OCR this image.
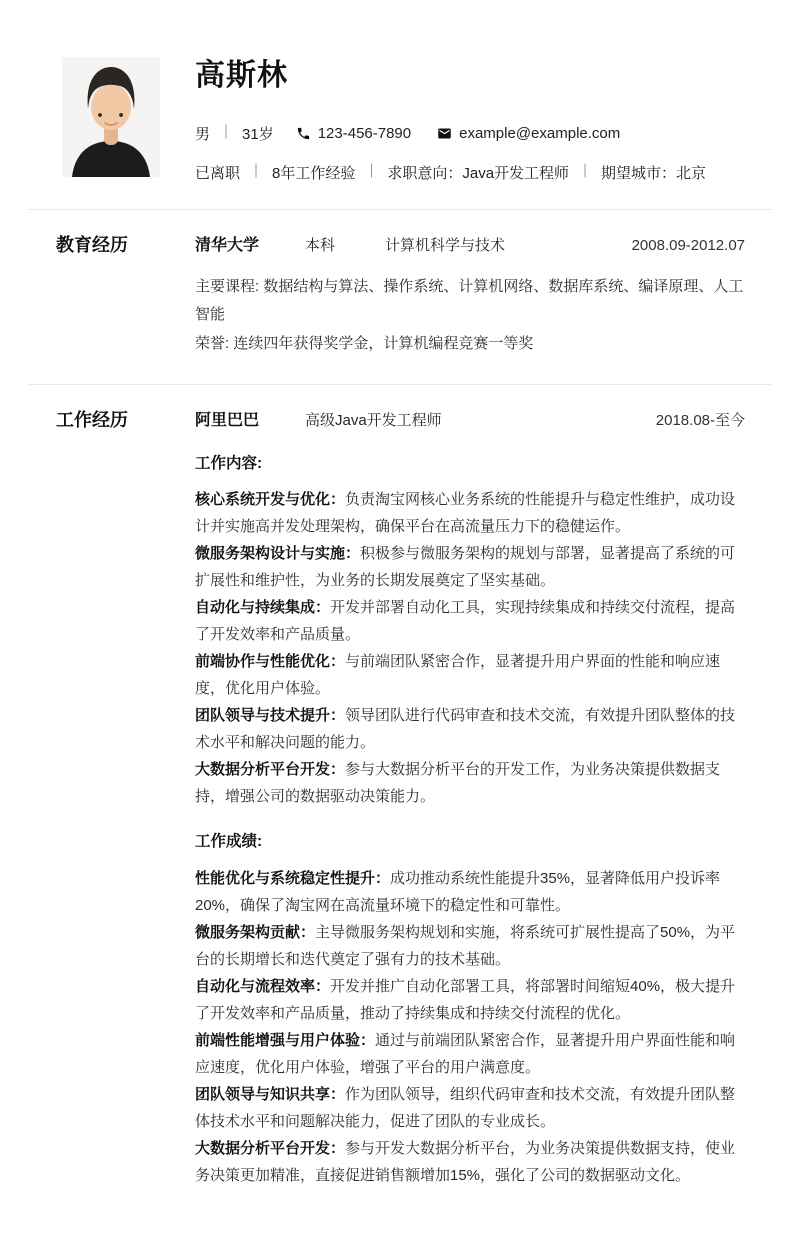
高斯林
男 ｜ 31岁	123-456-7890	example@example.com
已离职 ｜ 8年工作经验 ｜ 求职意向：Java开发工程师 ｜ 期望城市：北京
教育经历	清华大学	本科	计算机科学与技术	2008.09-2012.07

主要课程: 数据结构与算法、操作系统、计算机网络、数据库系统、编译原理、人工智能

荣誉: 连续四年获得奖学金，计算机编程竞赛一等奖

工作经历	阿里巴巴	高级Java开发工程师	2018.08-至今
工作内容:

核心系统开发与优化：负责淘宝网核心业务系统的性能提升与稳定性维护，成功设计并实施高并发处理架构，确保平台在高流量压力下的稳健运作。

微服务架构设计与实施：积极参与微服务架构的规划与部署，显著提高了系统的可扩展性和维护性，为业务的长期发展奠定了坚实基础。

自动化与持续集成：开发并部署自动化工具，实现持续集成和持续交付流程，提高了开发效率和产品质量。

前端协作与性能优化：与前端团队紧密合作，显著提升用户界面的性能和响应速度，优化用户体验。

团队领导与技术提升：领导团队进行代码审查和技术交流，有效提升团队整体的技术水平和解决问题的能力。

大数据分析平台开发：参与大数据分析平台的开发工作，为业务决策提供数据支持，增强公司的数据驱动决策能力。

工作成绩:

性能优化与系统稳定性提升：成功推动系统性能提升35%，显著降低用户投诉率20%，确保了淘宝网在高流量环境下的稳定性和可靠性。

微服务架构贡献：主导微服务架构规划和实施，将系统可扩展性提高了50%，为平台的长期增长和迭代奠定了强有力的技术基础。

自动化与流程效率：开发并推广自动化部署工具，将部署时间缩短40%，极大提升了开发效率和产品质量，推动了持续集成和持续交付流程的优化。

前端性能增强与用户体验：通过与前端团队紧密合作，显著提升用户界面性能和响应速度，优化用户体验，增强了平台的用户满意度。

团队领导与知识共享：作为团队领导，组织代码审查和技术交流，有效提升团队整体技术水平和问题解决能力，促进了团队的专业成长。

大数据分析平台开发：参与开发大数据分析平台，为业务决策提供数据支持，使业务决策更加精准，直接促进销售额增加15%，强化了公司的数据驱动文化。
